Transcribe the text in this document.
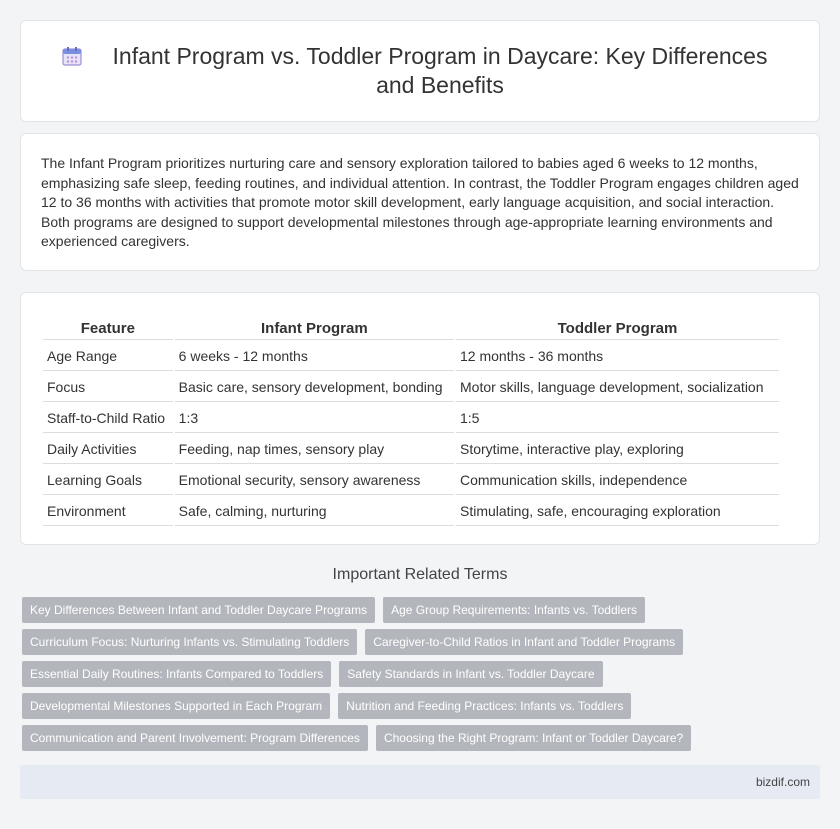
Infant Program vs. Toddler Program in Daycare: Key Differences and Benefits

The Infant Program prioritizes nurturing care and sensory exploration tailored to babies aged 6 weeks to 12 months, emphasizing safe sleep, feeding routines, and individual attention. In contrast, the Toddler Program engages children aged 12 to 36 months with activities that promote motor skill development, early language acquisition, and social interaction. Both programs are designed to support developmental milestones through age-appropriate learning environments and experienced caregivers.

Feature	Infant Program	Toddler Program
Age Range	6 weeks - 12 months	12 months - 36 months
Focus	Basic care, sensory development, bonding	Motor skills, language development, socialization
Staff-to-Child Ratio	1:3	1:5
Daily Activities	Feeding, nap times, sensory play	Storytime, interactive play, exploring
Learning Goals	Emotional security, sensory awareness	Communication skills, independence
Environment	Safe, calming, nurturing	Stimulating, safe, encouraging exploration
Important Related Terms
Key Differences Between Infant and Toddler Daycare Programs	Age Group Requirements: Infants vs. Toddlers
Curriculum Focus: Nurturing Infants vs. Stimulating Toddlers	Caregiver-to-Child Ratios in Infant and Toddler Programs
Essential Daily Routines: Infants Compared to Toddlers	Safety Standards in Infant vs. Toddler Daycare
Developmental Milestones Supported in Each Program	Nutrition and Feeding Practices: Infants vs. Toddlers
Communication and Parent Involvement: Program Differences	Choosing the Right Program: Infant or Toddler Daycare?
bizdif.com
